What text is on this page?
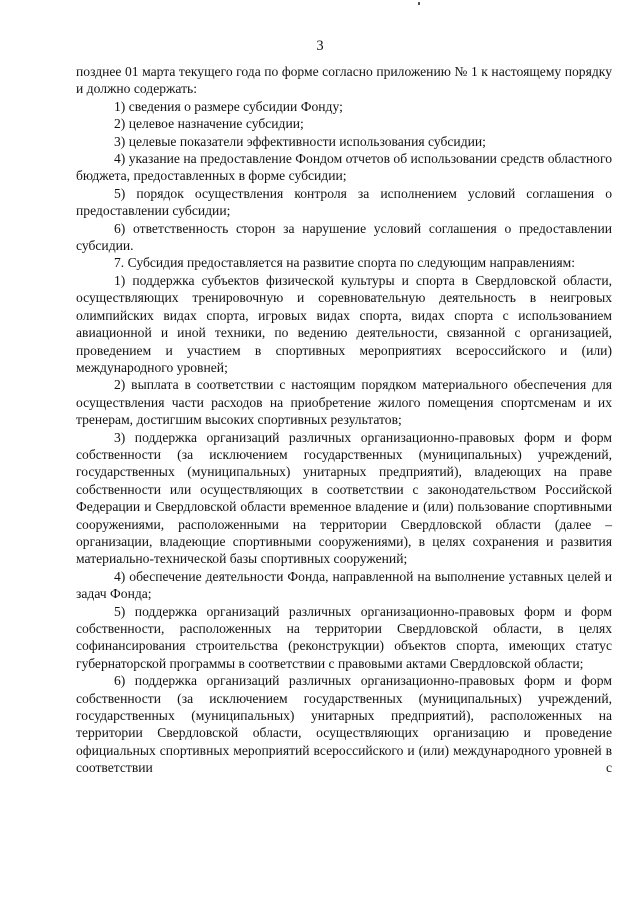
3

позднее 01 марта текущего года по форме согласно приложению № 1 к настоящему порядку и должно содержать:

1) сведения о размере субсидии Фонду;

2) целевое назначение субсидии;

3) целевые показатели эффективности использования субсидии;

4) указание на предоставление Фондом отчетов об использовании средств областного бюджета, предоставленных в форме субсидии;

5) порядок осуществления контроля за исполнением условий соглашения о предоставлении субсидии;

6) ответственность сторон за нарушение условий соглашения о предоставлении субсидии.

7. Субсидия предоставляется на развитие спорта по следующим направлениям:

1) поддержка субъектов физической культуры и спорта в Свердловской области, осуществляющих тренировочную и соревновательную деятельность в неигровых олимпийских видах спорта, игровых видах спорта, видах спорта с использованием авиационной и иной техники, по ведению деятельности, связанной с организацией, проведением и участием в спортивных мероприятиях всероссийского и (или) международного уровней;

2) выплата в соответствии с настоящим порядком материального обеспечения для осуществления части расходов на приобретение жилого помещения спортсменам и их тренерам, достигшим высоких спортивных результатов;

3) поддержка организаций различных организационно-правовых форм и форм собственности (за исключением государственных (муниципальных) учреждений, государственных (муниципальных) унитарных предприятий), владеющих на праве собственности или осуществляющих в соответствии с законодательством Российской Федерации и Свердловской области временное владение и (или) пользование спортивными сооружениями, расположенными на территории Свердловской области (далее – организации, владеющие спортивными сооружениями), в целях сохранения и развития материально-технической базы спортивных сооружений;

4) обеспечение деятельности Фонда, направленной на выполнение уставных целей и задач Фонда;

5) поддержка организаций различных организационно-правовых форм и форм собственности, расположенных на территории Свердловской области, в целях софинансирования строительства (реконструкции) объектов спорта, имеющих статус губернаторской программы в соответствии с правовыми актами Свердловской области;

6) поддержка организаций различных организационно-правовых форм и форм собственности (за исключением государственных (муниципальных) учреждений, государственных (муниципальных) унитарных предприятий), расположенных на территории Свердловской области, осуществляющих организацию и проведение официальных спортивных мероприятий всероссийского и (или) международного уровней в соответствии с
